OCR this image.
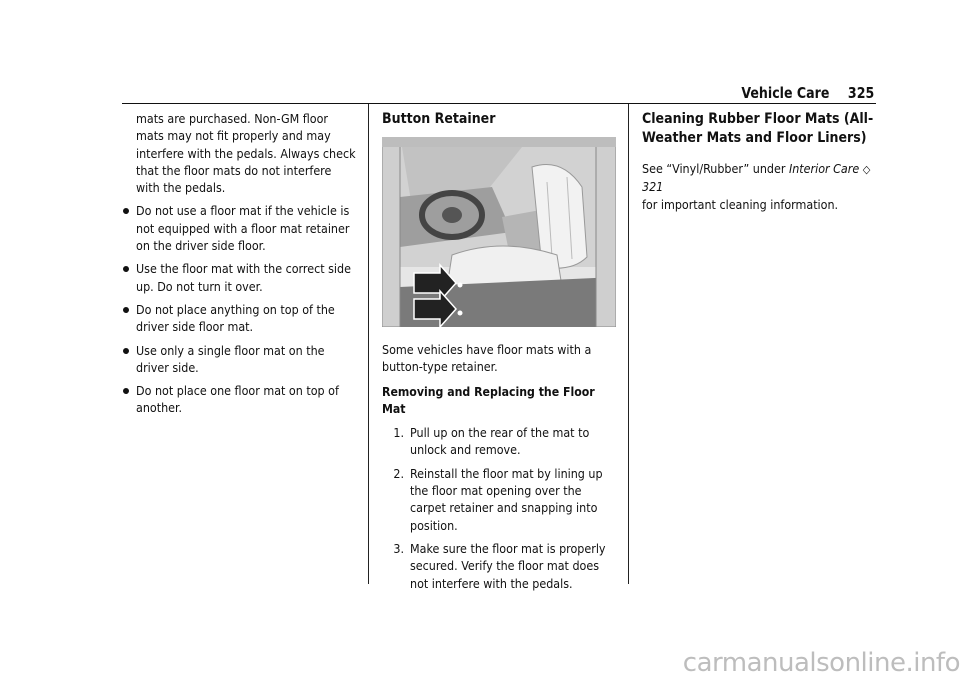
Vehicle Care 325

mats are purchased. Non-GM floor mats may not fit properly and may interfere with the pedals. Always check that the floor mats do not interfere with the pedals.

Do not use a floor mat if the vehicle is not equipped with a floor mat retainer on the driver side floor.
Use the floor mat with the correct side up. Do not turn it over.
Do not place anything on top of the driver side floor mat.
Use only a single floor mat on the driver side.
Do not place one floor mat on top of another.
Button Retainer

Some vehicles have floor mats with a button-type retainer.

Removing and Replacing the Floor Mat
1. Pull up on the rear of the mat to unlock and remove.
2. Reinstall the floor mat by lining up the floor mat opening over the carpet retainer and snapping into position.
3. Make sure the floor mat is properly secured. Verify the floor mat does not interfere with the pedals.
Cleaning Rubber Floor Mats (All-Weather Mats and Floor Liners)

See “Vinyl/Rubber” under Interior Care ◇ 321
for important cleaning information.

carmanualsonline.info
